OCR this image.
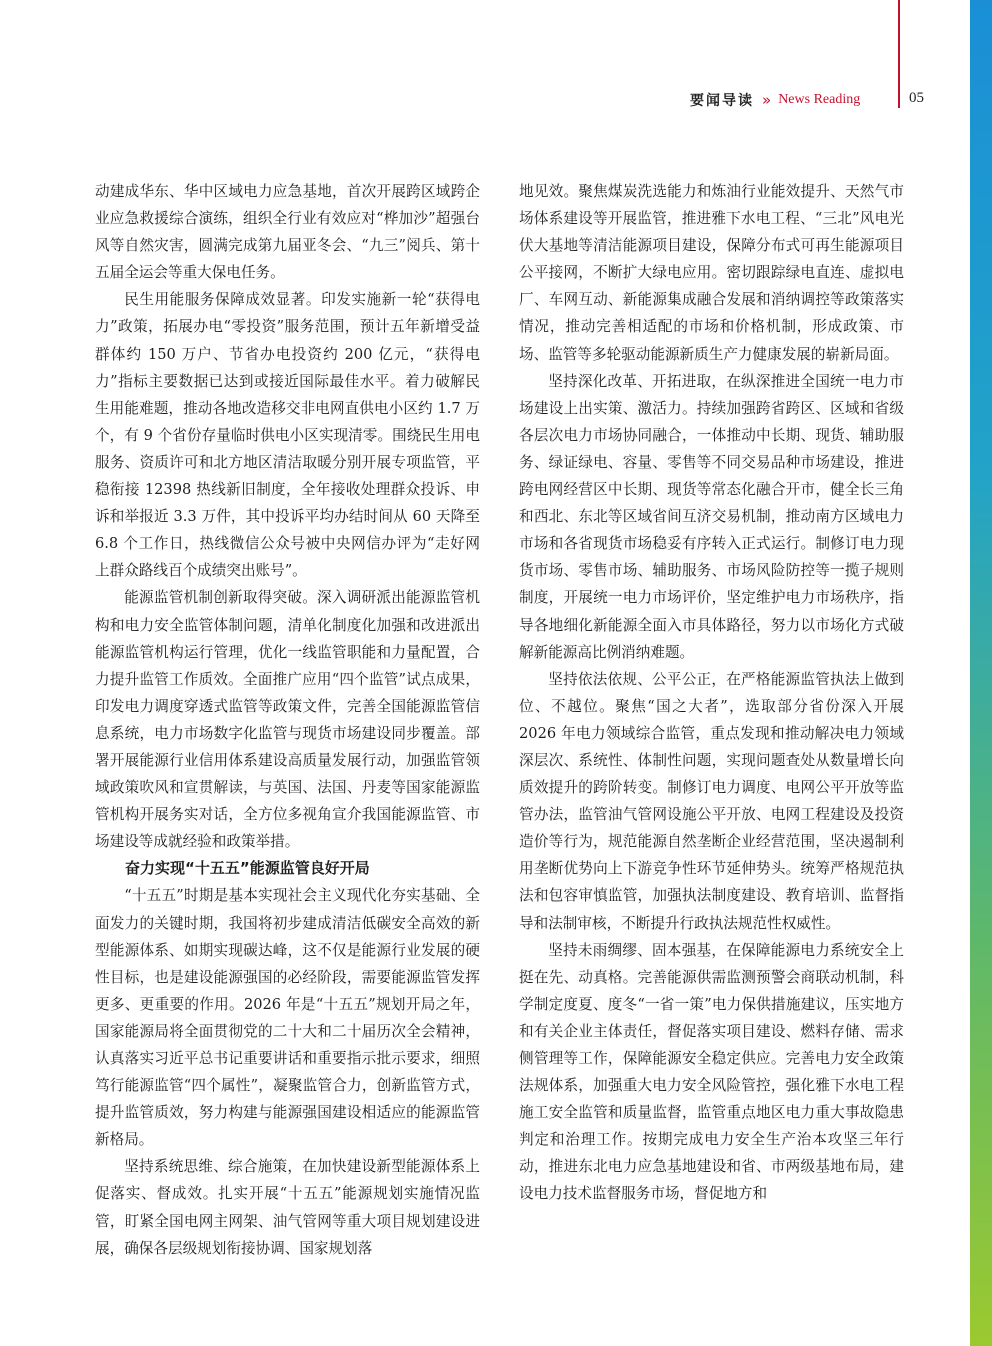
要闻导读 » News Reading	05

动建成华东、华中区域电力应急基地，首次开展跨区域跨企业应急救援综合演练，组织全行业有效应对“桦加沙”超强台风等自然灾害，圆满完成第九届亚冬会、“九三”阅兵、第十五届全运会等重大保电任务。

民生用能服务保障成效显著。印发实施新一轮“获得电力”政策，拓展办电“零投资”服务范围，预计五年新增受益群体约 150 万户、节省办电投资约 200 亿元，“获得电力”指标主要数据已达到或接近国际最佳水平。着力破解民生用能难题，推动各地改造移交非电网直供电小区约 1.7 万个，有 9 个省份存量临时供电小区实现清零。围绕民生用电服务、资质许可和北方地区清洁取暖分别开展专项监管，平稳衔接 12398 热线新旧制度，全年接收处理群众投诉、申诉和举报近 3.3 万件，其中投诉平均办结时间从 60 天降至 6.8 个工作日，热线微信公众号被中央网信办评为“走好网上群众路线百个成绩突出账号”。

能源监管机制创新取得突破。深入调研派出能源监管机构和电力安全监管体制问题，清单化制度化加强和改进派出能源监管机构运行管理，优化一线监管职能和力量配置，合力提升监管工作质效。全面推广应用“四个监管”试点成果，印发电力调度穿透式监管等政策文件，完善全国能源监管信息系统，电力市场数字化监管与现货市场建设同步覆盖。部署开展能源行业信用体系建设高质量发展行动，加强监管领域政策吹风和宣贯解读，与英国、法国、丹麦等国家能源监管机构开展务实对话，全方位多视角宣介我国能源监管、市场建设等成就经验和政策举措。

奋力实现“十五五”能源监管良好开局

“十五五”时期是基本实现社会主义现代化夯实基础、全面发力的关键时期，我国将初步建成清洁低碳安全高效的新型能源体系、如期实现碳达峰，这不仅是能源行业发展的硬性目标，也是建设能源强国的必经阶段，需要能源监管发挥更多、更重要的作用。2026 年是“十五五”规划开局之年，国家能源局将全面贯彻党的二十大和二十届历次全会精神，认真落实习近平总书记重要讲话和重要指示批示要求，细照笃行能源监管“四个属性”，凝聚监管合力，创新监管方式，提升监管质效，努力构建与能源强国建设相适应的能源监管新格局。

坚持系统思维、综合施策，在加快建设新型能源体系上促落实、督成效。扎实开展“十五五”能源规划实施情况监管，盯紧全国电网主网架、油气管网等重大项目规划建设进展，确保各层级规划衔接协调、国家规划落

地见效。聚焦煤炭洗选能力和炼油行业能效提升、天然气市场体系建设等开展监管，推进雅下水电工程、“三北”风电光伏大基地等清洁能源项目建设，保障分布式可再生能源项目公平接网，不断扩大绿电应用。密切跟踪绿电直连、虚拟电厂、车网互动、新能源集成融合发展和消纳调控等政策落实情况，推动完善相适配的市场和价格机制，形成政策、市场、监管等多轮驱动能源新质生产力健康发展的崭新局面。

坚持深化改革、开拓进取，在纵深推进全国统一电力市场建设上出实策、激活力。持续加强跨省跨区、区域和省级各层次电力市场协同融合，一体推动中长期、现货、辅助服务、绿证绿电、容量、零售等不同交易品种市场建设，推进跨电网经营区中长期、现货等常态化融合开市，健全长三角和西北、东北等区域省间互济交易机制，推动南方区域电力市场和各省现货市场稳妥有序转入正式运行。制修订电力现货市场、零售市场、辅助服务、市场风险防控等一揽子规则制度，开展统一电力市场评价，坚定维护电力市场秩序，指导各地细化新能源全面入市具体路径，努力以市场化方式破解新能源高比例消纳难题。

坚持依法依规、公平公正，在严格能源监管执法上做到位、不越位。聚焦“国之大者”，选取部分省份深入开展 2026 年电力领域综合监管，重点发现和推动解决电力领域深层次、系统性、体制性问题，实现问题查处从数量增长向质效提升的跨阶转变。制修订电力调度、电网公平开放等监管办法，监管油气管网设施公平开放、电网工程建设及投资造价等行为，规范能源自然垄断企业经营范围，坚决遏制利用垄断优势向上下游竞争性环节延伸势头。统筹严格规范执法和包容审慎监管，加强执法制度建设、教育培训、监督指导和法制审核，不断提升行政执法规范性权威性。

坚持未雨绸缪、固本强基，在保障能源电力系统安全上挺在先、动真格。完善能源供需监测预警会商联动机制，科学制定度夏、度冬“一省一策”电力保供措施建议，压实地方和有关企业主体责任，督促落实项目建设、燃料存储、需求侧管理等工作，保障能源安全稳定供应。完善电力安全政策法规体系，加强重大电力安全风险管控，强化雅下水电工程施工安全监管和质量监督，监管重点地区电力重大事故隐患判定和治理工作。按期完成电力安全生产治本攻坚三年行动，推进东北电力应急基地建设和省、市两级基地布局，建设电力技术监督服务市场，督促地方和
